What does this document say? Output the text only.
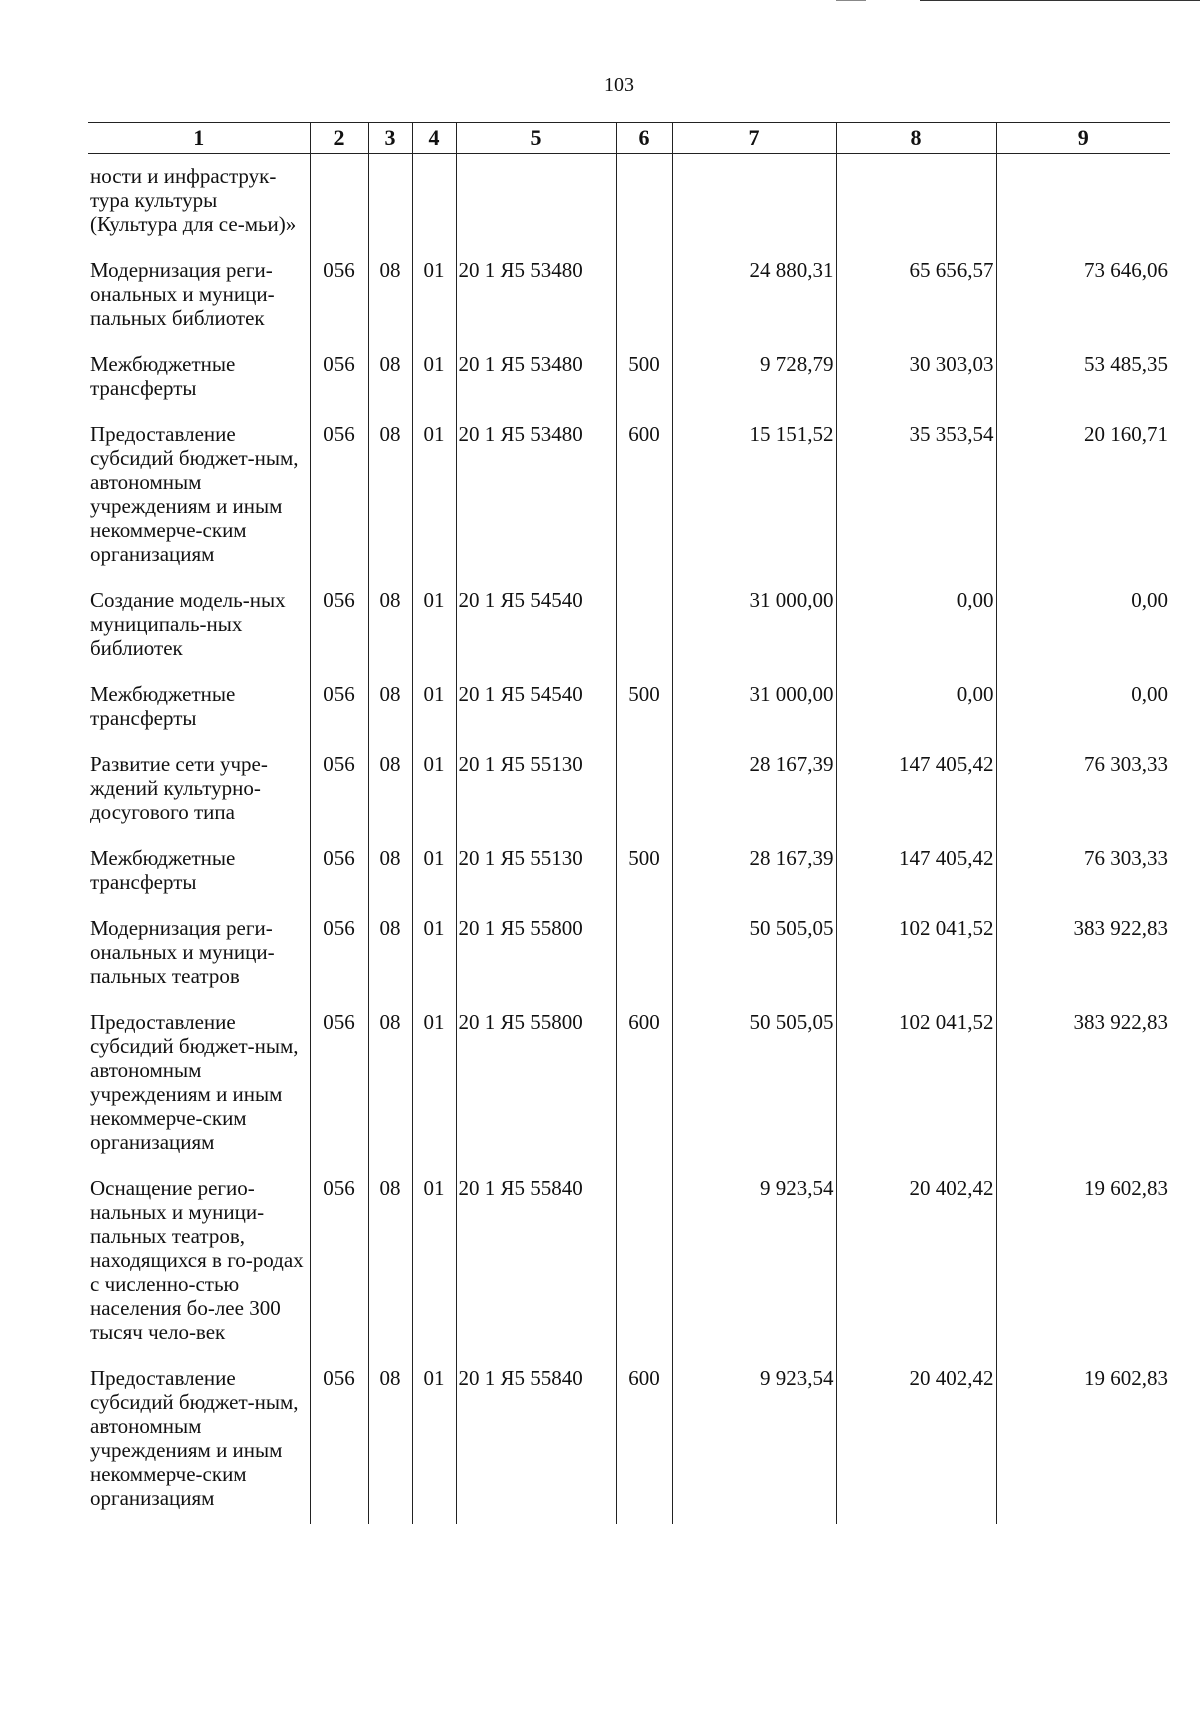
103
1	2	3	4	5	6	7	8	9
ности и инфраструк-тура культуры (Культура для се-мьи)»								
Модернизация реги-ональных и муници-пальных библиотек	056	08	01	20 1 Я5 53480		24 880,31	65 656,57	73 646,06
Межбюджетные трансферты	056	08	01	20 1 Я5 53480	500	9 728,79	30 303,03	53 485,35
Предоставление субсидий бюджет-ным, автономным учреждениям и иным некоммерче-ским организациям	056	08	01	20 1 Я5 53480	600	15 151,52	35 353,54	20 160,71
Создание модель-ных муниципаль-ных библиотек	056	08	01	20 1 Я5 54540		31 000,00	0,00	0,00
Межбюджетные трансферты	056	08	01	20 1 Я5 54540	500	31 000,00	0,00	0,00
Развитие сети учре-ждений культурно-досугового типа	056	08	01	20 1 Я5 55130		28 167,39	147 405,42	76 303,33
Межбюджетные трансферты	056	08	01	20 1 Я5 55130	500	28 167,39	147 405,42	76 303,33
Модернизация реги-ональных и муници-пальных театров	056	08	01	20 1 Я5 55800		50 505,05	102 041,52	383 922,83
Предоставление субсидий бюджет-ным, автономным учреждениям и иным некоммерче-ским организациям	056	08	01	20 1 Я5 55800	600	50 505,05	102 041,52	383 922,83
Оснащение регио-нальных и муници-пальных театров, находящихся в го-родах с численно-стью населения бо-лее 300 тысяч чело-век	056	08	01	20 1 Я5 55840		9 923,54	20 402,42	19 602,83
Предоставление субсидий бюджет-ным, автономным учреждениям и иным некоммерче-ским организациям	056	08	01	20 1 Я5 55840	600	9 923,54	20 402,42	19 602,83
